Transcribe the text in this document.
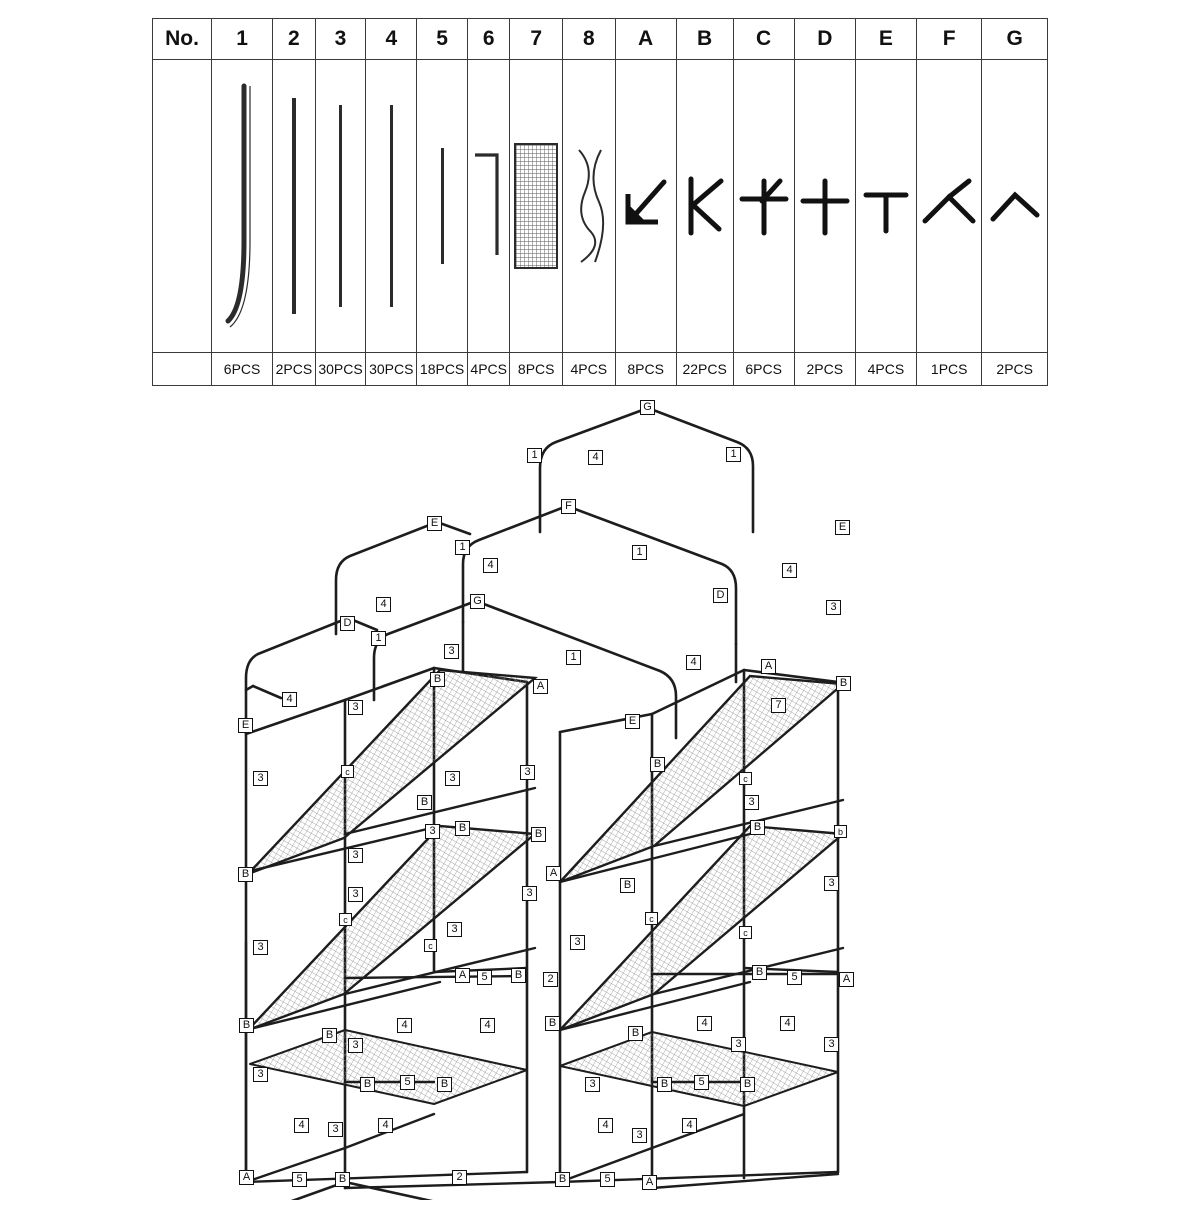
No.	1	2	3	4	5	6	7	8	A	B	C	D	E	F	G

	6PCS	2PCS	30PCS	30PCS	18PCS	4PCS	8PCS	4PCS	8PCS	22PCS	6PCS	2PCS	4PCS	1PCS	2PCS
G
1	4	1
F
E	E
1	1
4	4
4	G
D
D
3
1
3	1	4	A
B
A	B
4
E	E
3	7
c	3	3
B
c
3
B	3
B
3	B
B	b
B
3
A
B
3
3
c
3
c
c
c
3
3
3
A	5	B	2
B	5	A
B
B
B
B
4	4	4	4
3	3	3
3
B	5	B	3	B	5	B
4	3	4	4
3
4
A	5	B	2	B	5	A
